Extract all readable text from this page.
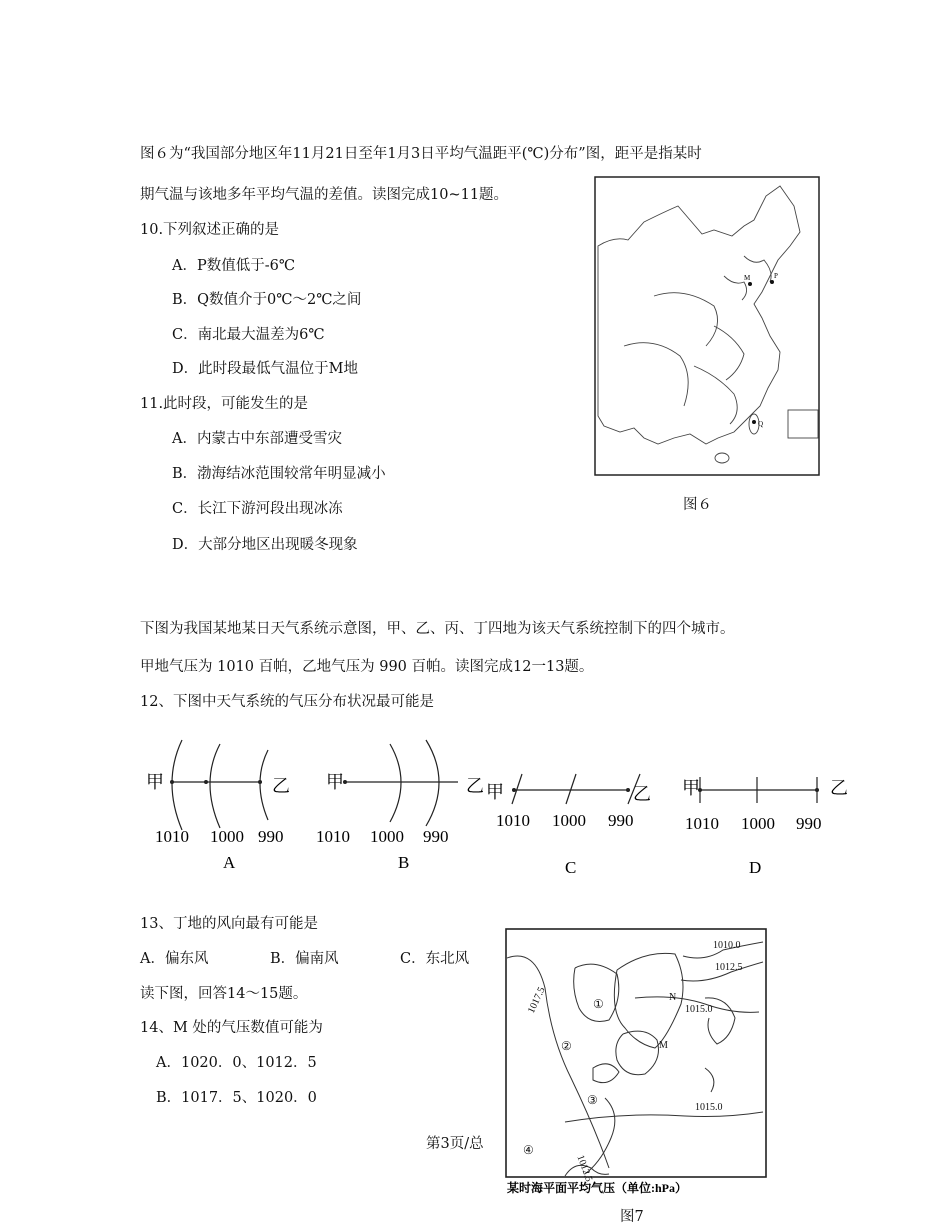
图６为“我国部分地区年11月21日至年1月3日平均气温距平(℃)分布”图，距平是指某时
期气温与该地多年平均气温的差值。读图完成10~11题。
10.下列叙述正确的是
A．P数值低于-6℃
B．Q数值介于0℃～2℃之间
C．南北最大温差为6℃
D．此时段最低气温位于M地
11.此时段，可能发生的是
A．内蒙古中东部遭受雪灾
B．渤海结冰范围较常年明显减小
C．长江下游河段出现冰冻
D．大部分地区出现暖冬现象
M	P
Q
图６
下图为我国某地某日天气系统示意图，甲、乙、丙、丁四地为该天气系统控制下的四个城市。
甲地气压为 1010 百帕，乙地气压为 990 百帕。读图完成12一13题。
12、下图中天气系统的气压分布状况最可能是
甲	乙 甲	乙 甲	乙 甲	乙
1010 1000 990 1010 1000 990
1010 1000 990	1010 1000 990
A	B	C	D
13、丁地的风向最有可能是
A．偏东风	B．偏南风	C．东北风
读下图，回答14～15题。
14、M 处的气压数值可能为
A．1020．0、1012．5
B．1017．5、1020．0
第3页/总
1010.0
1012.5
1015.0
1015.0
1017.5
1012.5
①
②
③
④
N
M
某时海平面平均气压（单位:hPa）
图7
